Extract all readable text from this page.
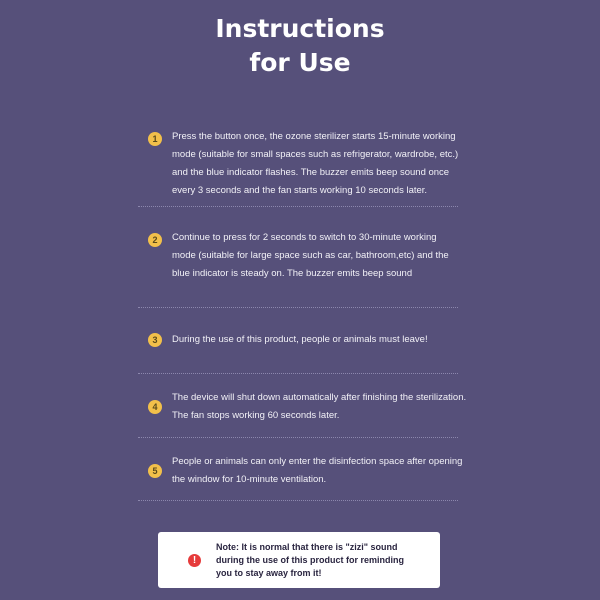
Instructions
for Use
1	Press the button once, the ozone sterilizer starts 15-minute working
mode (suitable for small spaces such as refrigerator, wardrobe, etc.)
and the blue indicator flashes. The buzzer emits beep sound once
every 3 seconds and the fan starts working 10 seconds later.
2	Continue to press for 2 seconds to switch to 30-minute working
mode (suitable for large space such as car, bathroom,etc) and the
blue indicator is steady on. The buzzer emits beep sound
3	During the use of this product, people or animals must leave!
4
The device will shut down automatically after finishing the sterilization.
The fan stops working 60 seconds later.
5
People or animals can only enter the disinfection space after opening
the window for 10-minute ventilation.
!
Note: It is normal that there is "zizi" sound
during the use of this product for reminding
you to stay away from it!
